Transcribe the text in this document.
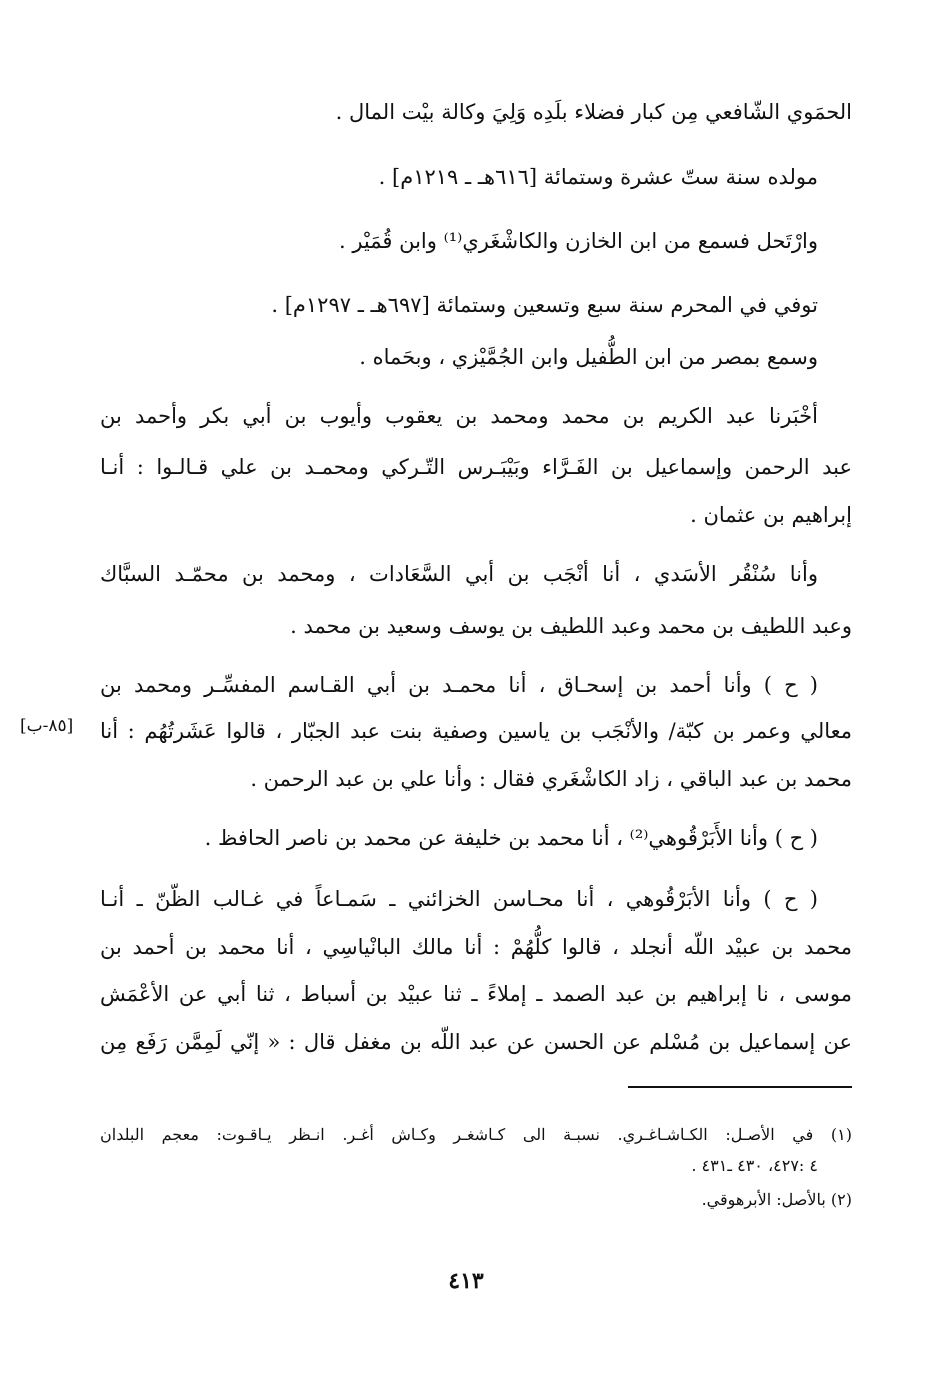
الحمَوي الشّافعي مِن كبار فضلاء بلَدِه وَلِيَ وكالة بيْت المال .
مولده سنة ستّ عشرة وستمائة [٦١٦هـ ـ ١٢١٩م] .
وارْتَحل فسمع من ابن الخازن والكاشْغَري⁽¹⁾ وابن قُمَيْر .
توفي في المحرم سنة سبع وتسعين وستمائة [٦٩٧هـ ـ ١٢٩٧م] .
وسمع بمصر من ابن الطُّفيل وابن الجُمَّيْزي ، وبحَماه .
أخْبَرنا عبد الكريم بن محمد ومحمد بن يعقوب وأيوب بن أبي بكر وأحمد بن
عبد الرحمن وإسماعيل بن الفَـرَّاء وبَيْبَـرس التّـركي ومحمـد بن علي قـالـوا : أنـا
إبراهيم بن عثمان .
وأنا سُنْقُر الأسَدي ، أنا أنْجَب بن أبي السَّعَادات ، ومحمد بن محمّـد السبَّاك
وعبد اللطيف بن محمد وعبد اللطيف بن يوسف وسعيد بن محمد .
( ح ) وأنا أحمد بن إسحـاق ، أنا محمـد بن أبي القـاسم المفسِّـر ومحمد بن
معالي وعمر بن كبّة/ والأنْجَب بن ياسين وصفية بنت عبد الجبّار ، قالوا عَشَرتُهُم : أنا
محمد بن عبد الباقي ، زاد الكاشْغَري فقال : وأنا علي بن عبد الرحمن .
( ح ) وأنا الأَبَرْقُوهي⁽²⁾ ، أنا محمد بن خليفة عن محمد بن ناصر الحافظ .
( ح ) وأنا الأبَرْقُوهي ، أنا محـاسن الخزائني ـ سَمـاعاً في غـالب الظّنّ ـ أنـا
محمد بن عبيْد اللّه أنجلد ، قالوا كلُّهُمْ : أنا مالك البانْياسِي ، أنا محمد بن أحمد بن
موسى ، نا إبراهيم بن عبد الصمد ـ إملاءً ـ ثنا عبيْد بن أسباط ، ثنا أبي عن الأعْمَش
عن إسماعيل بن مُسْلم عن الحسن عن عبد اللّه بن مغفل قال : « إنّي لَمِمَّن رَفَع مِن
[٨٥-ب]
(١) في الأصـل: الكـاشـاغـري. نسبـة الى كـاشغـر وكـاش أغـر. انـظر يـاقـوت: معجم البلدان
٤ :٤٢٧، ٤٣٠ ـ٤٣١ .
(٢) بالأصل: الأبرهوقي.
٤١٣
